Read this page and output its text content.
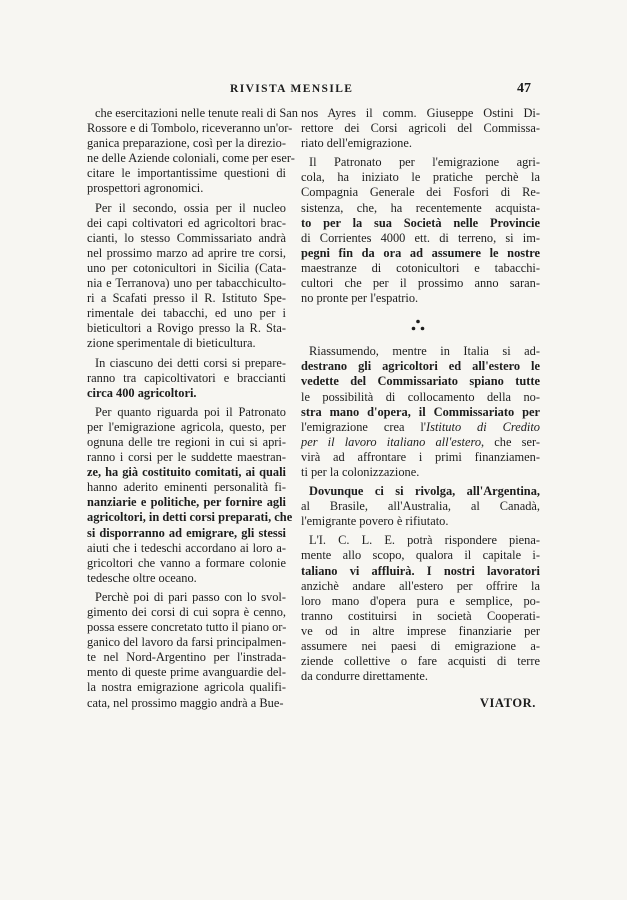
RIVISTA MENSILE	47
che esercitazioni nelle tenute reali di San
Rossore e di Tombolo, riceveranno un'or-
ganica preparazione, così per la direzio-
ne delle Aziende coloniali, come per eser-
citare le importantissime questioni di
prospettori agronomici.
Per il secondo, ossia per il nucleo
dei capi coltivatori ed agricoltori brac-
cianti, lo stesso Commissariato andrà
nel prossimo marzo ad aprire tre corsi,
uno per cotonicultori in Sicilia (Cata-
nia e Terranova) uno per tabacchicultо-
ri a Scafati presso il R. Istituto Spe-
rimentale dei tabacchi, ed uno per i
bieticultori a Rovigo presso la R. Sta-
zione sperimentale di bieticultura.
In ciascuno dei detti corsi si prepare-
ranno tra capicoltivatori e braccianti
circa 400 agricoltori.
Per quanto riguarda poi il Patronato
per l'emigrazione agricola, questo, per
ognuna delle tre regioni in cui si apri-
ranno i corsi per le suddette maestran-
ze, ha già costituito comitati, ai quali
hanno aderito eminenti personalità fi-
nanziarie e politiche, per fornire agli
agricoltori, in detti corsi preparati, che
si disporranno ad emigrare, gli stessi
aiuti che i tedeschi accordano ai loro a-
gricoltori che vanno a formare colonie
tedesche oltre oceano.
Perchè poi di pari passo con lo svol-
gimento dei corsi di cui sopra è cenno,
possa essere concretato tutto il piano or-
ganico del lavoro da farsi principalmen-
te nel Nord-Argentino per l'instrada-
mento di queste prime avanguardie del-
la nostra emigrazione agricola qualifi-
cata, nel prossimo maggio andrà a Bue-
nos Ayres il comm. Giuseppe Ostini Di-
rettore dei Corsi agricoli del Commissa-
riato dell'emigrazione.
Il Patronato per l'emigrazione agri-
cola, ha iniziato le pratiche perchè la
Compagnia Generale dei Fosfori di Re-
sistenza, che, ha recentemente acquista-
to per la sua Società nelle Provincie
di Corrientes 4000 ett. di terreno, si im-
pegni fin da ora ad assumere le nostre
maestranze di cotonicultori e tabacchi-
cultori che per il prossimo anno saran-
no pronte per l'espatrio.
Riassumendo, mentre in Italia si ad-
destrano gli agricoltori ed all'estero le
vedette del Commissariato spiano tutte
le possibilità di collocamento della no-
stra mano d'opera, il Commissariato per
l'emigrazione crea l'Istituto di Credito
per il lavoro italiano all'estero, che ser-
virà ad affrontare i primi finanziamen-
ti per la colonizzazione.
Dovunque ci si rivolga, all'Argentina,
al Brasile, all'Australia, al Canadà,
l'emigrante povero è rifiutato.
L'I. C. L. E. potrà rispondere piena-
mente allo scopo, qualora il capitale i-
taliano vi affluirà. I nostri lavoratori
anzichè andare all'estero per offrire la
loro mano d'opera pura e semplice, po-
tranno costituirsi in società Cooperati-
ve od in altre imprese finanziarie per
assumere nei paesi di emigrazione a-
ziende collettive o fare acquisti di terre
da condurre direttamente.
VIATOR.
